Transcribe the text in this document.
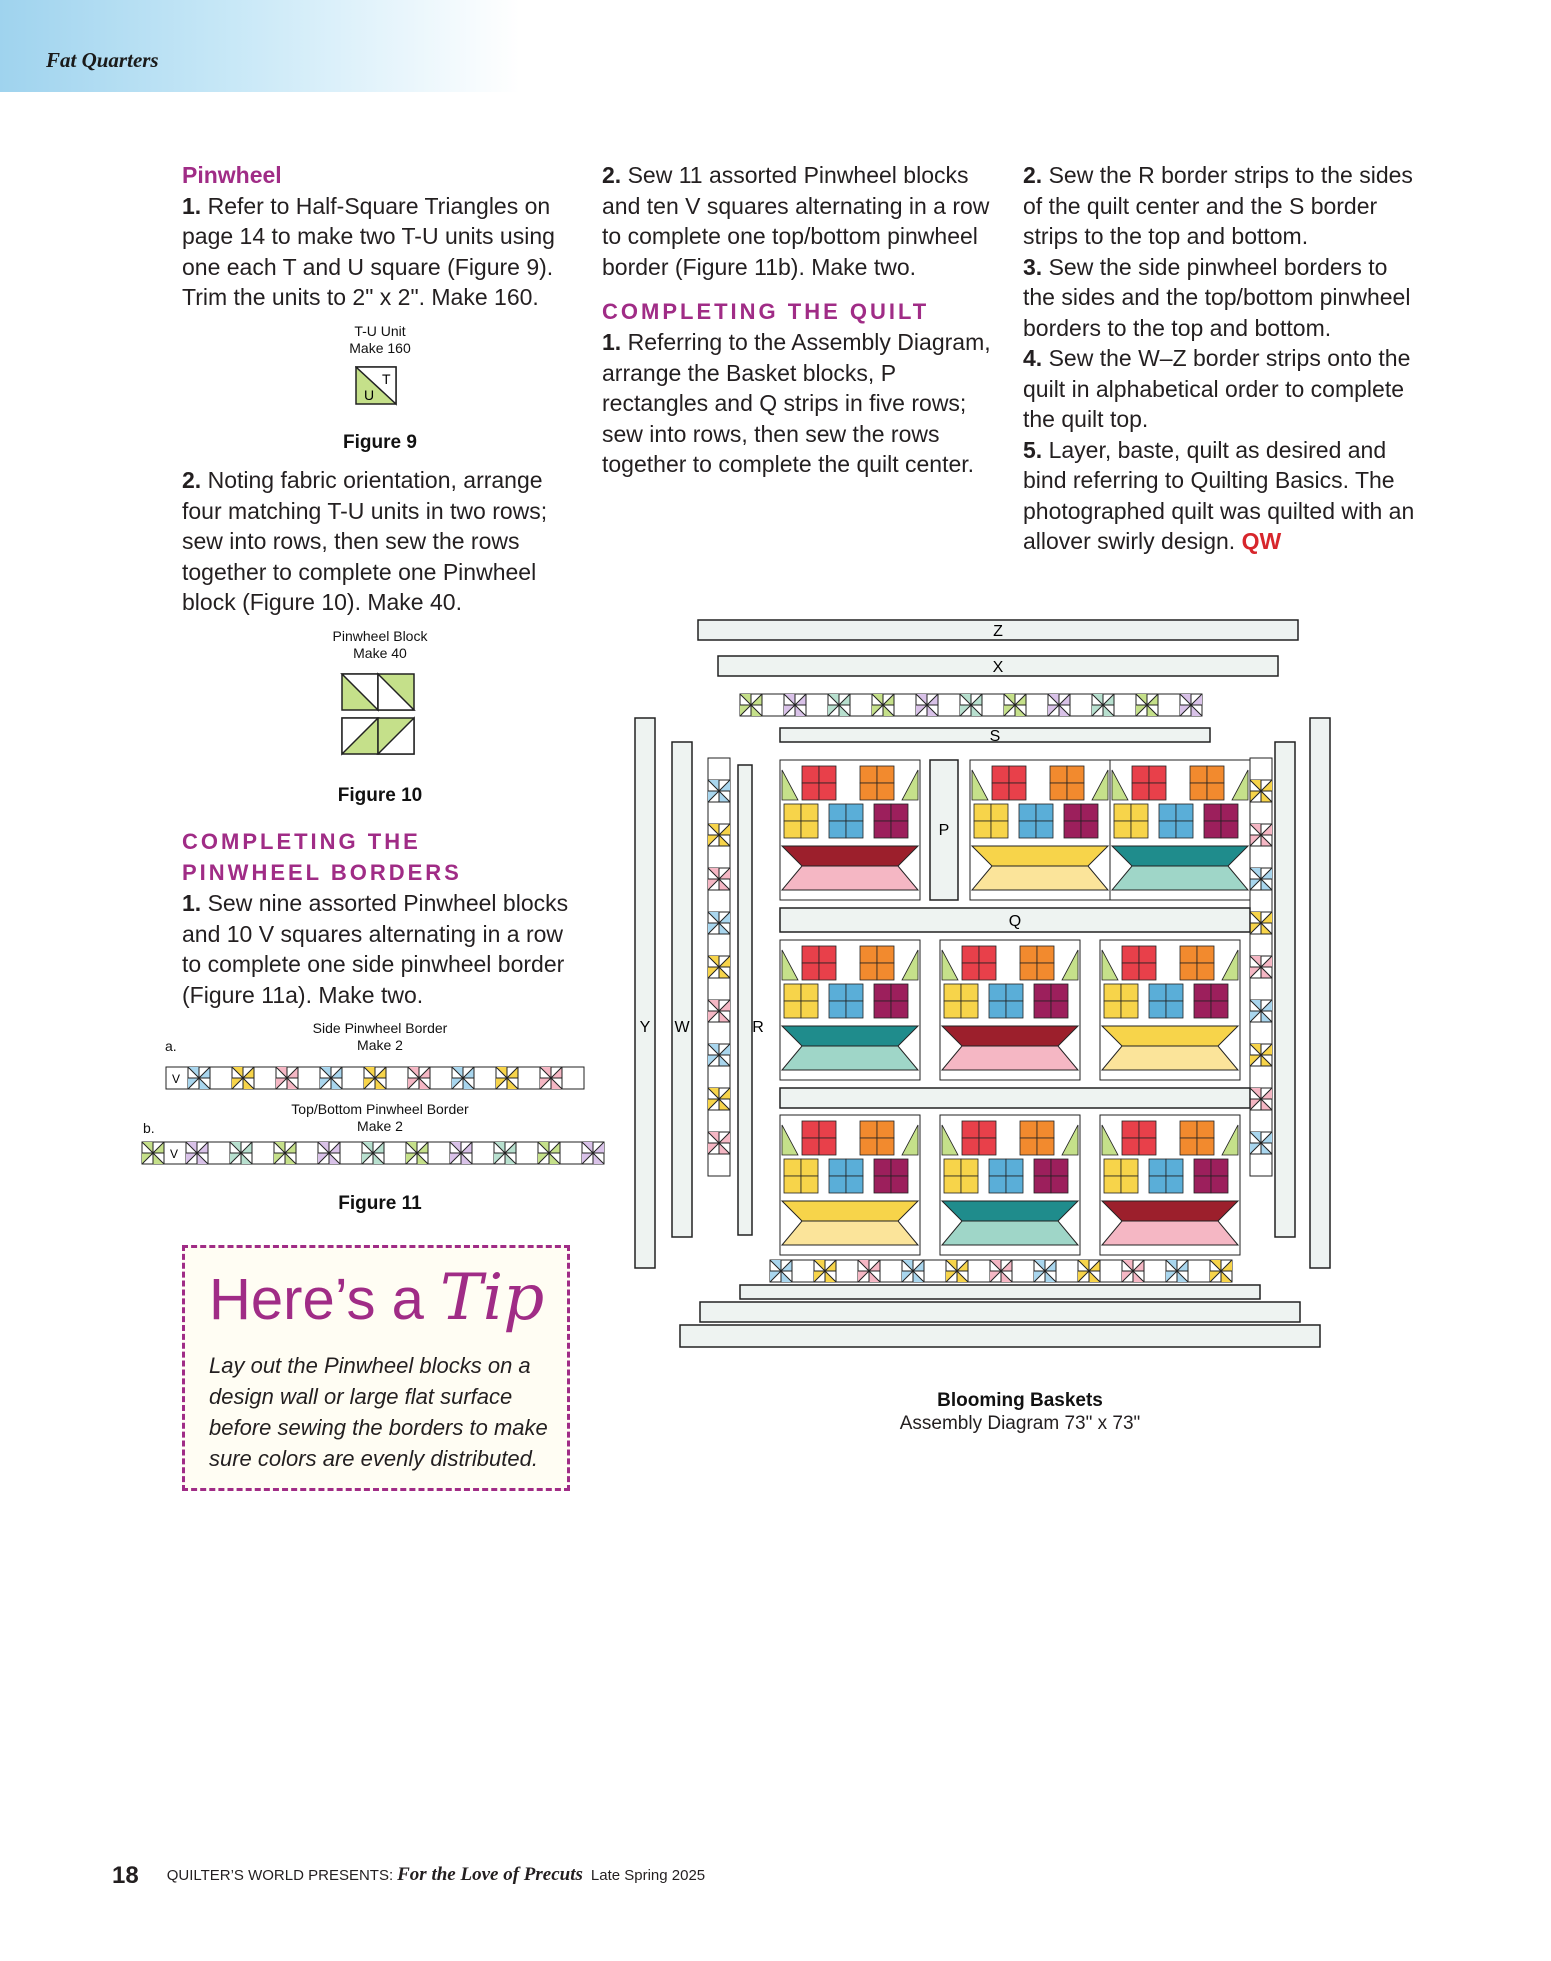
Fat Quarters

Pinwheel

1. Refer to Half-Square Triangles on page 14 to make two T-U units using one each T and U square (Figure 9). Trim the units to 2" x 2". Make 160.

T-U Unit
Make 160
T
U
Figure 9

2. Noting fabric orientation, arrange four matching T-U units in two rows; sew into rows, then sew the rows together to complete one Pinwheel block (Figure 10). Make 40.

Pinwheel Block
Make 40
Figure 10

COMPLETING THE

PINWHEEL BORDERS

1. Sew nine assorted Pinwheel blocks and 10 V squares alternating in a row to complete one side pinwheel border (Figure 11a). Make two.

a.
Side Pinwheel Border
Make 2
V
b.
Top/Bottom Pinwheel Border
Make 2
V
Figure 11

2. Sew 11 assorted Pinwheel blocks and ten V squares alternating in a row to complete one top/bottom pinwheel border (Figure 11b). Make two.

COMPLETING THE QUILT

1. Referring to the Assembly Diagram, arrange the Basket blocks, P rectangles and Q strips in five rows; sew into rows, then sew the rows together to complete the quilt center.

2. Sew the R border strips to the sides of the quilt center and the S border strips to the top and bottom.

3. Sew the side pinwheel borders to the sides and the top/bottom pinwheel borders to the top and bottom.

4. Sew the W–Z border strips onto the quilt in alphabetical order to complete the quilt top.

5. Layer, baste, quilt as desired and bind referring to Quilting Basics. The photographed quilt was quilted with an allover swirly design. QW

Z
X
S
Y W	R
P
Q
Blooming Baskets
Assembly Diagram 73" x 73"
Here’s a Tip
Lay out the Pinwheel blocks on a design wall or large flat surface before sewing the borders to make sure colors are evenly distributed.
18 QUILTER’S WORLD PRESENTS: For the Love of Precuts Late Spring 2025
